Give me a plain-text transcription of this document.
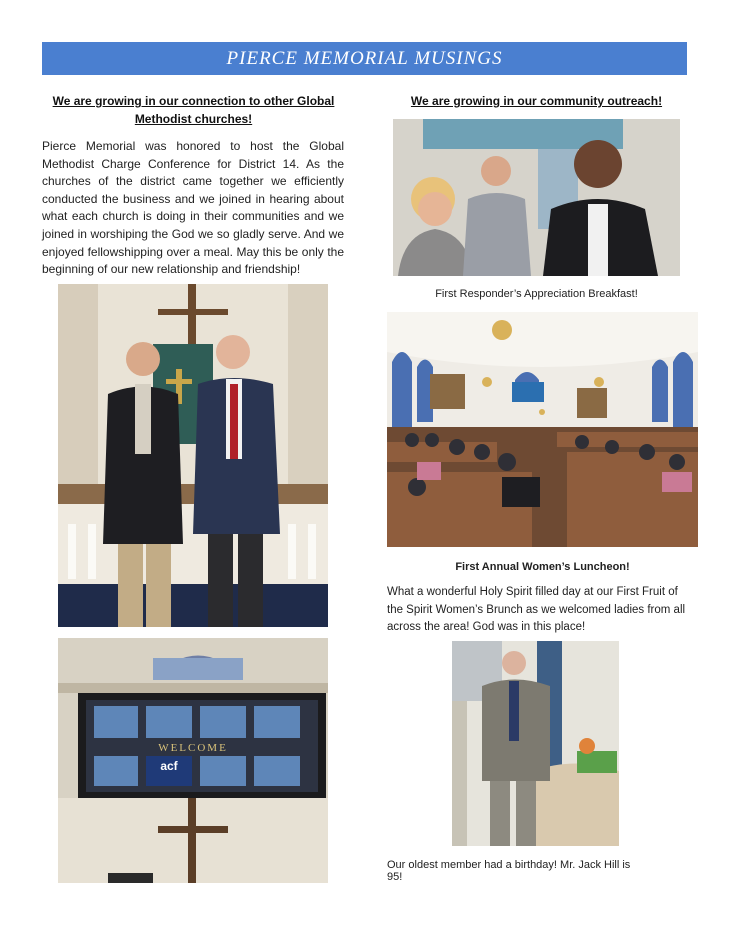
PIERCE MEMORIAL MUSINGS
We are growing in our connection to other Global Methodist churches!
Pierce Memorial was honored to host the Global Methodist Charge Conference for District 14. As the churches of the district came together we efficiently conducted the business and we joined in hearing about what each church is doing in their communities and we joined in worshiping the God we so gladly serve. And we enjoyed fellowshipping over a meal. May this be only the beginning of our new relationship and friendship!
WELCOME
acf
We are growing in our community outreach!
First Responder’s Appreciation Breakfast!
First Annual Women’s Luncheon!
What a wonderful Holy Spirit filled day at our First Fruit of the Spirit Women’s Brunch as we welcomed ladies from all across the area! God was in this place!
Our oldest member had a birthday! Mr. Jack Hill is 95!
